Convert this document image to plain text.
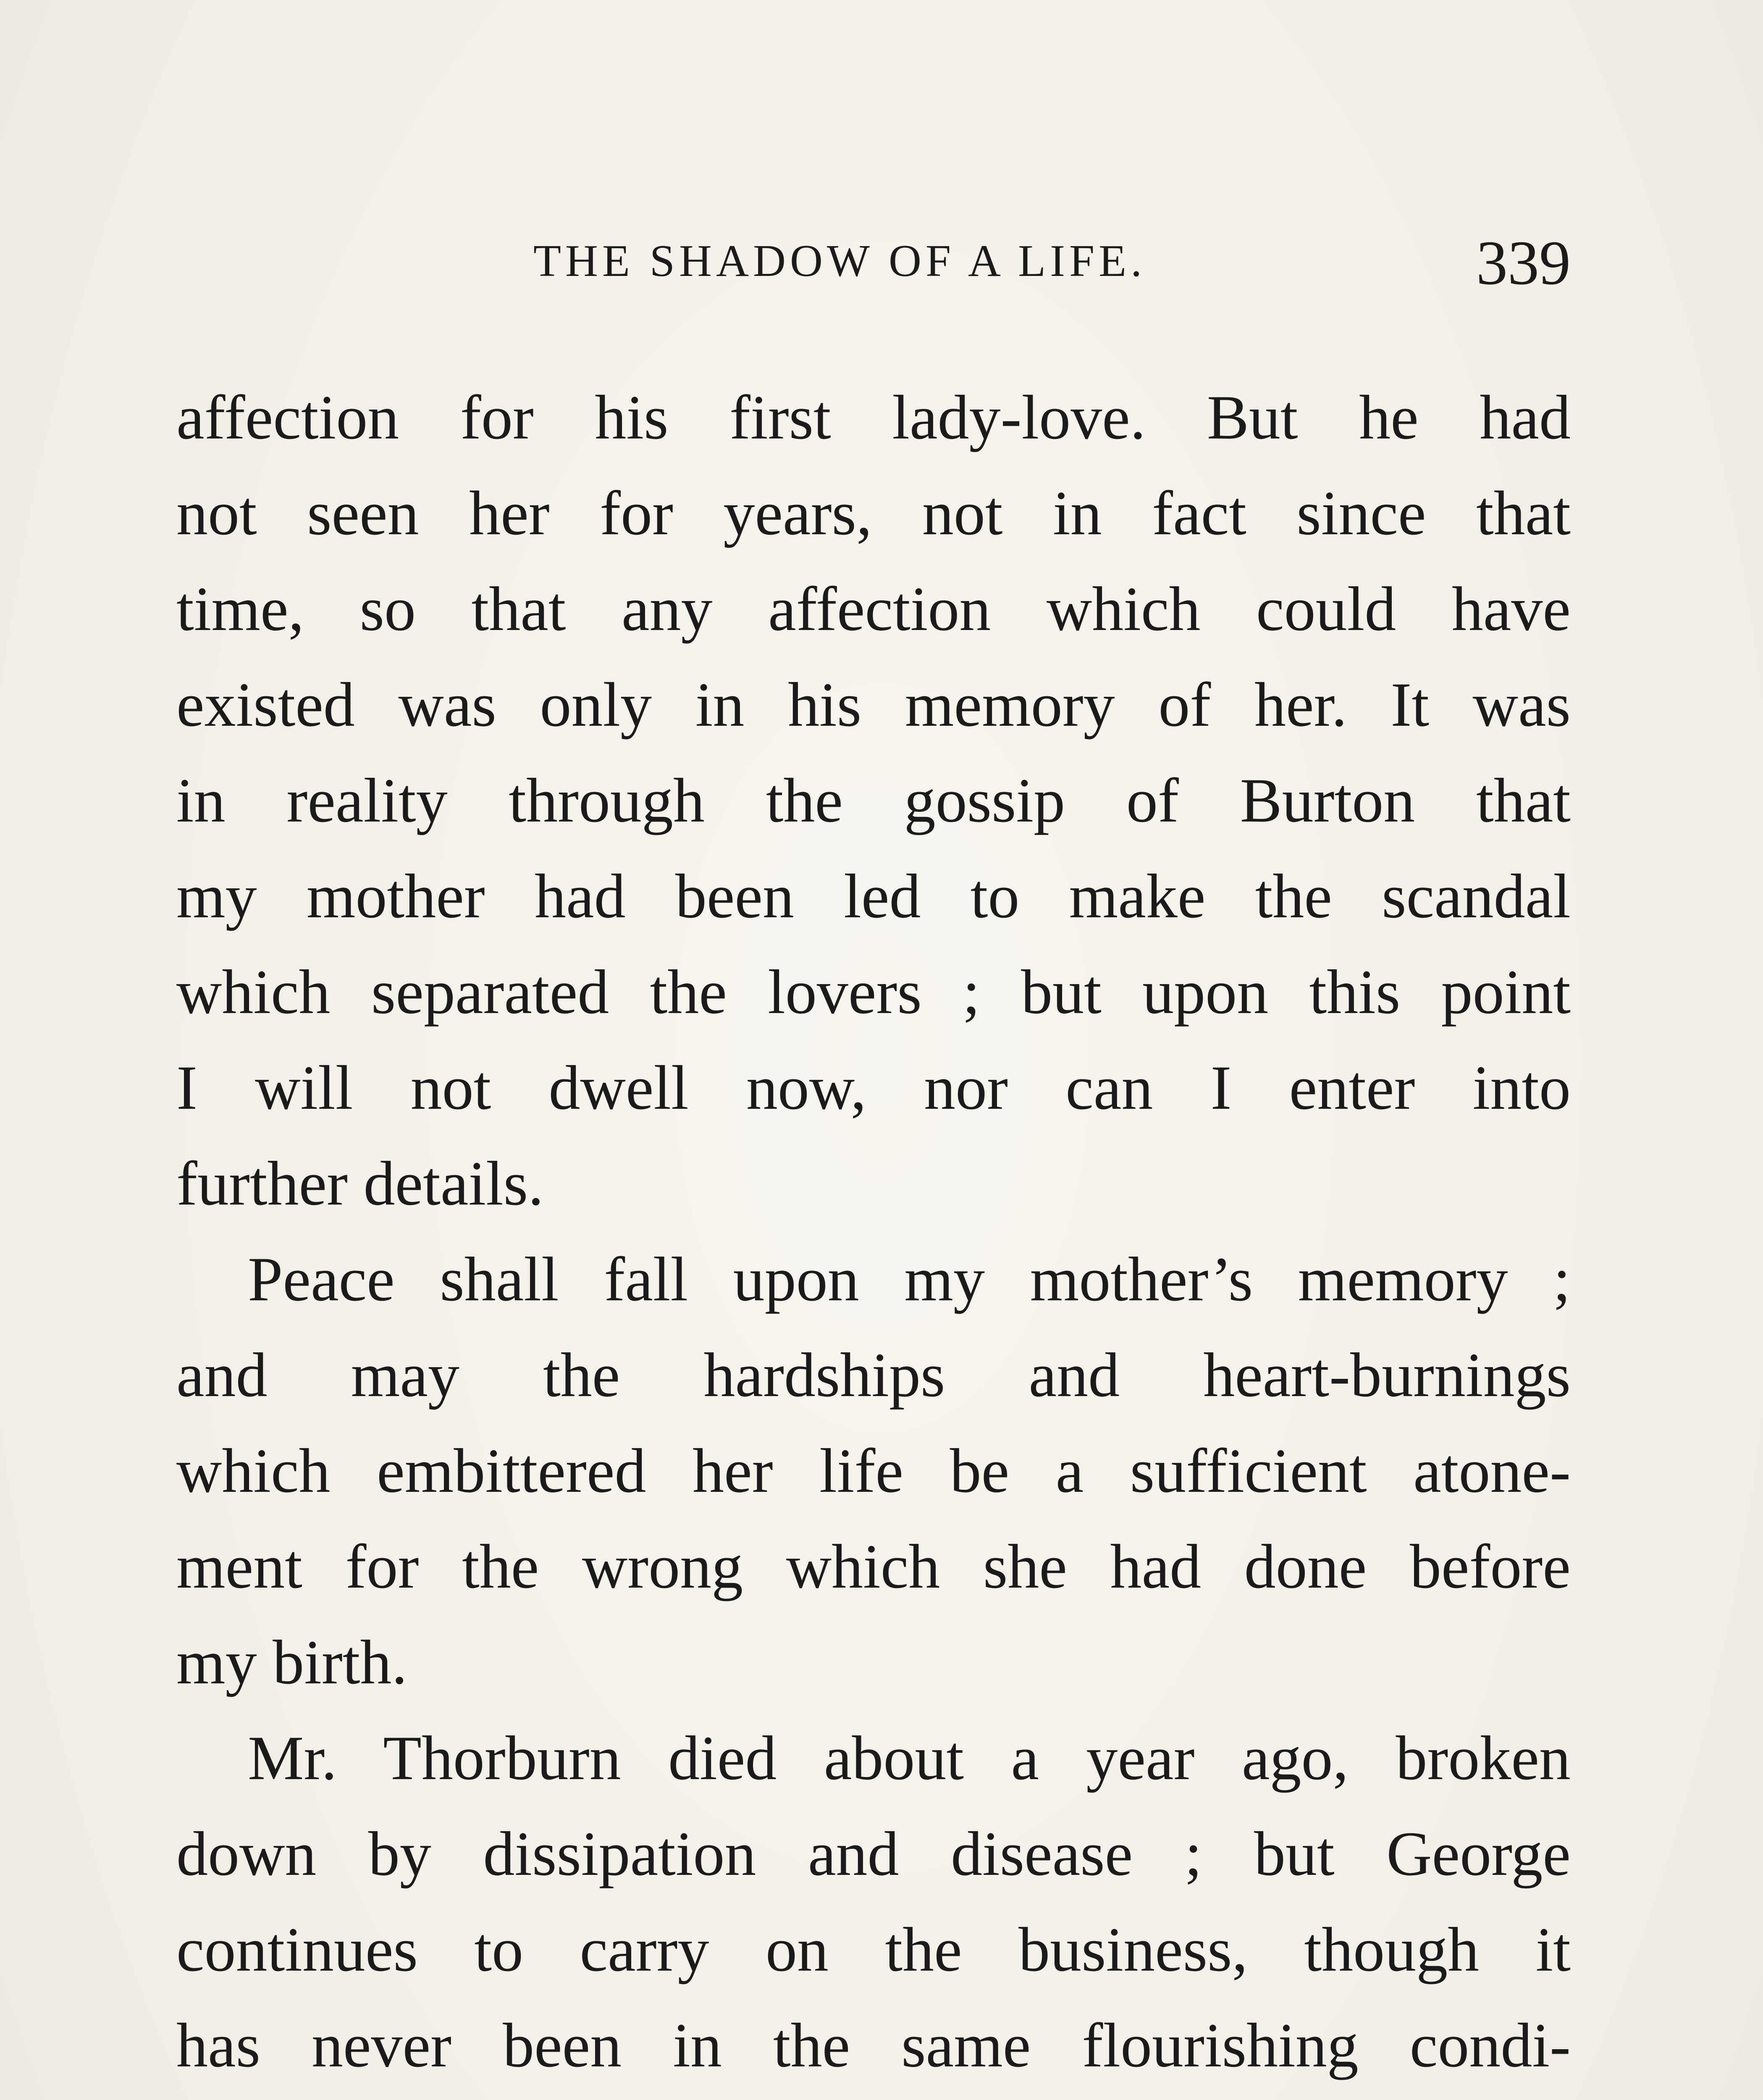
THE SHADOW OF A LIFE.	339
affection for his first lady-love. But he had
not seen her for years, not in fact since that
time, so that any affection which could have
existed was only in his memory of her. It was
in reality through the gossip of Burton that
my mother had been led to make the scandal
which separated the lovers ; but upon this point
I will not dwell now, nor can I enter into
further details.
Peace shall fall upon my mother’s memory ;
and may the hardships and heart-burnings
which embittered her life be a sufficient atone-
ment for the wrong which she had done before
my birth.
Mr. Thorburn died about a year ago, broken
down by dissipation and disease ; but George
continues to carry on the business, though it
has never been in the same flourishing condi-
